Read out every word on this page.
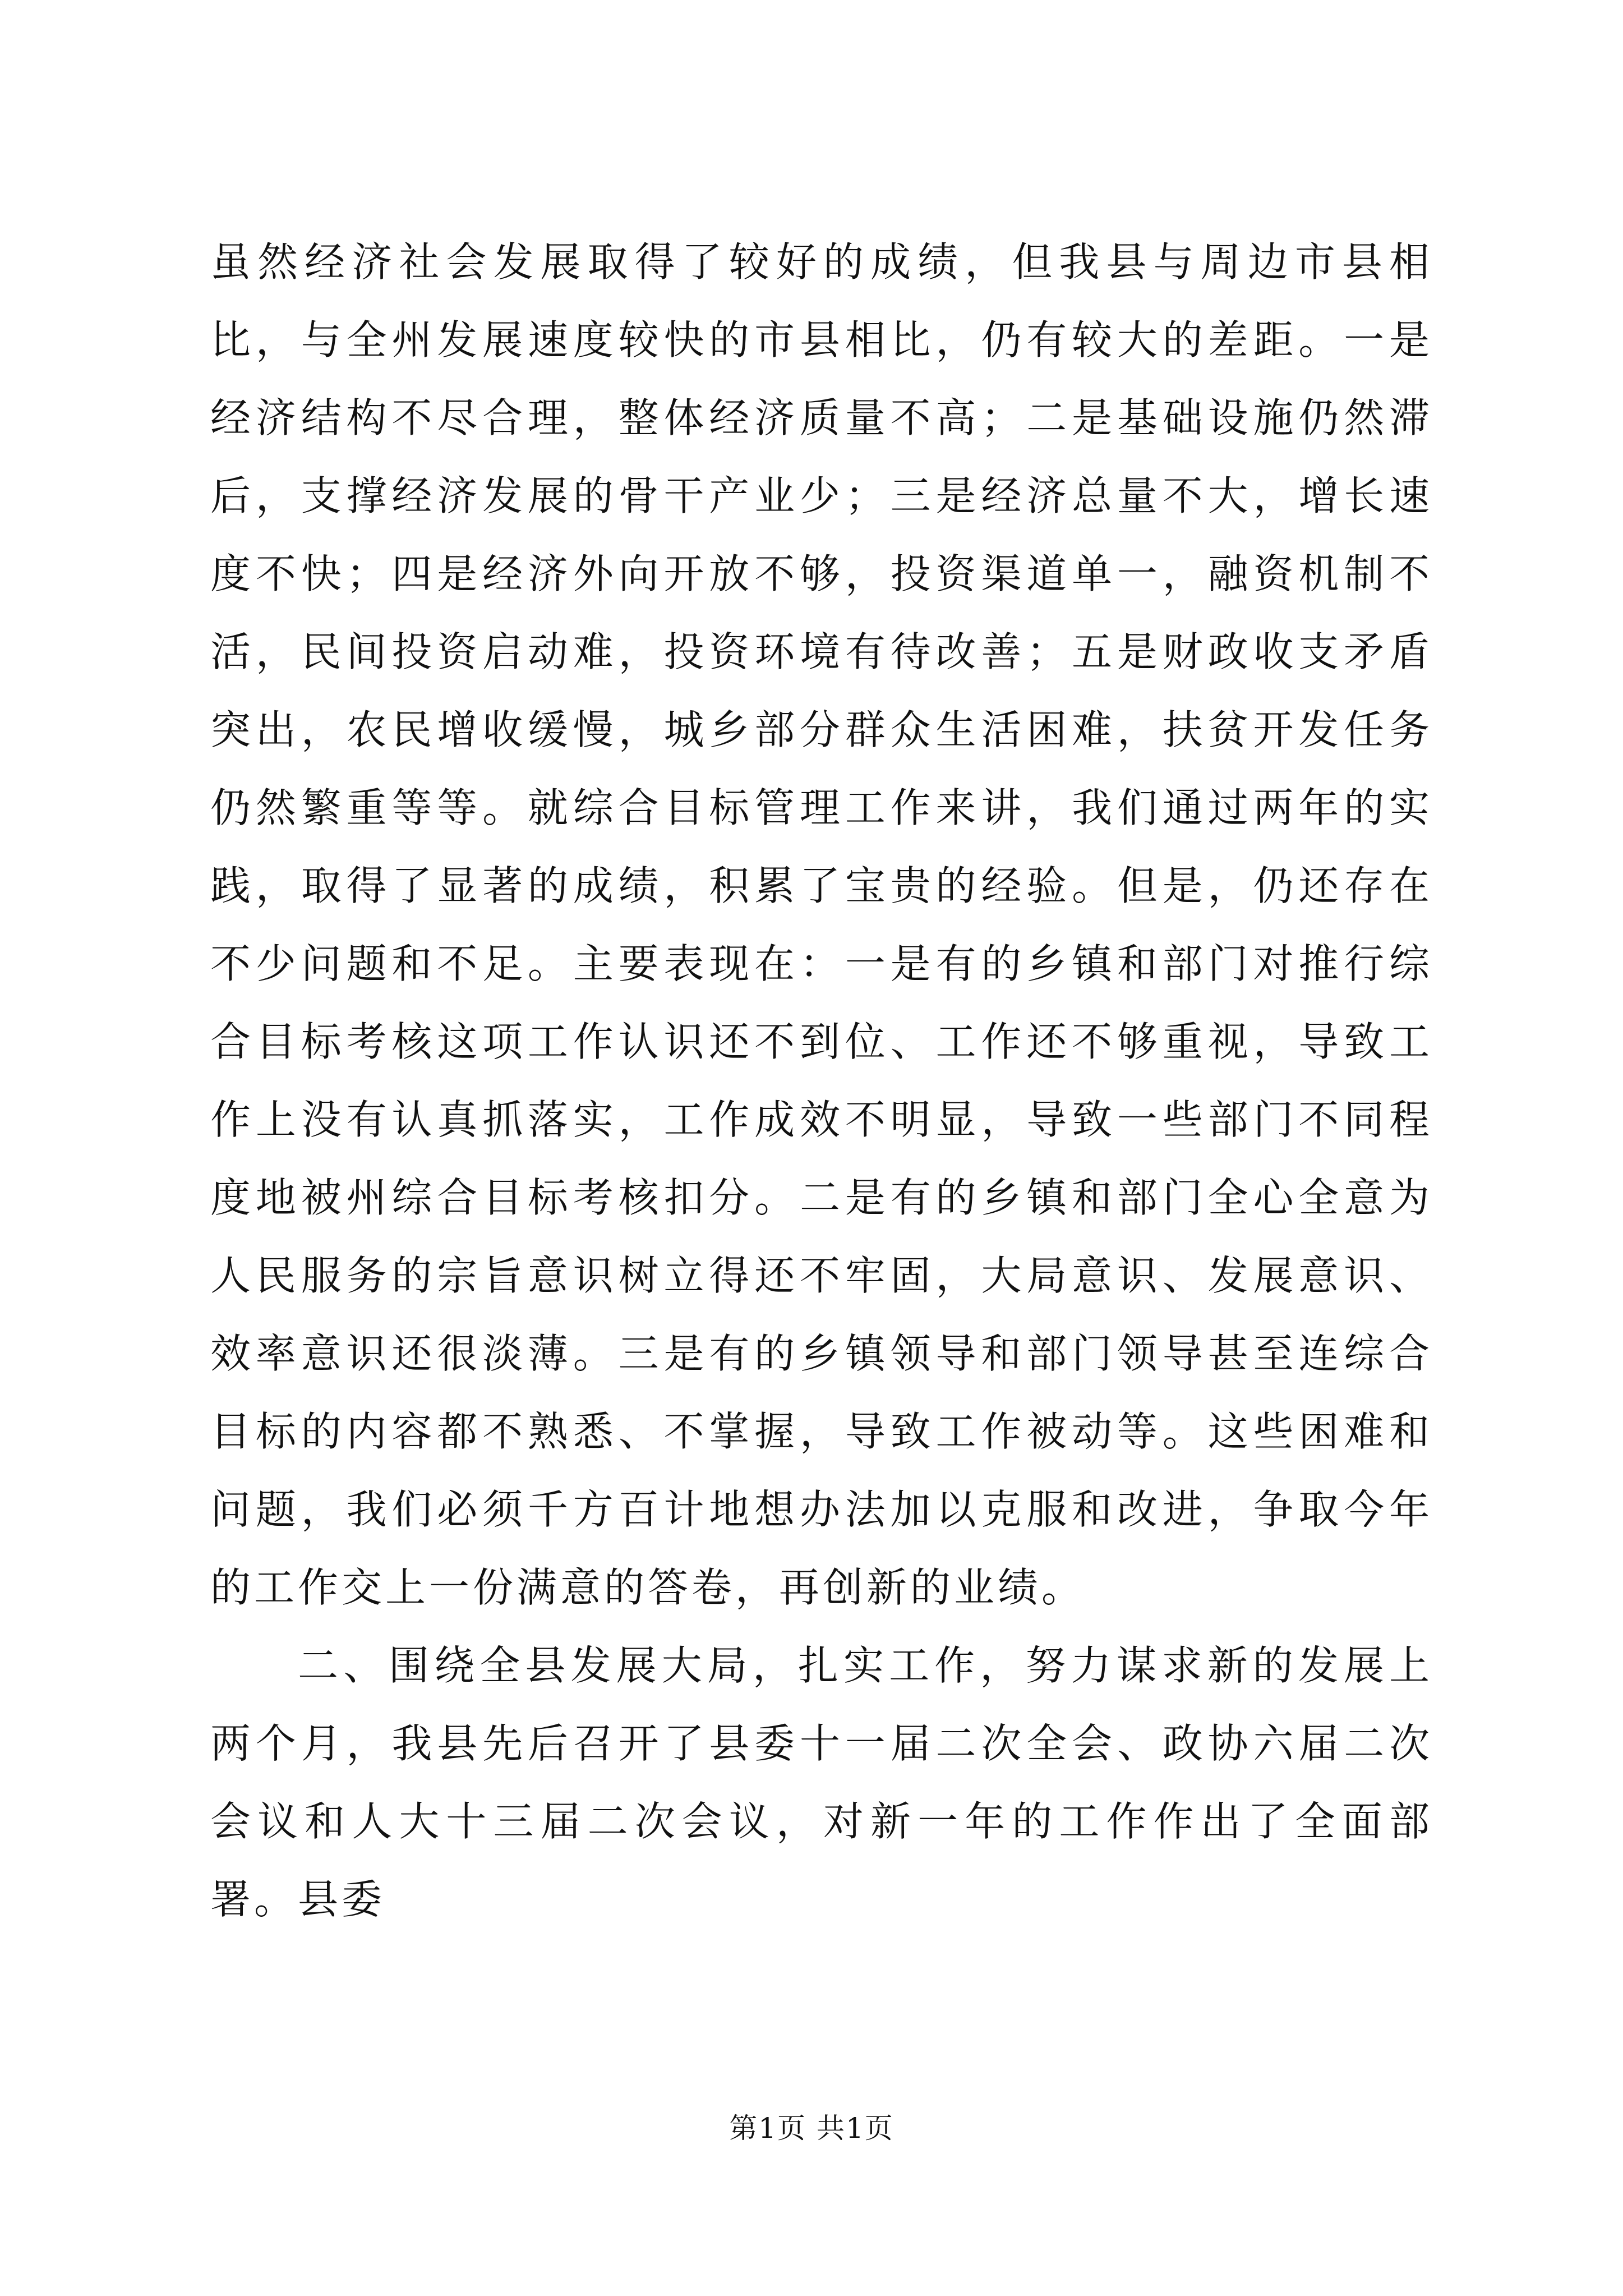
虽然经济社会发展取得了较好的成绩，但我县与周边市县相比，与全州发展速度较快的市县相比，仍有较大的差距。一是经济结构不尽合理，整体经济质量不高；二是基础设施仍然滞后，支撑经济发展的骨干产业少；三是经济总量不大，增长速度不快；四是经济外向开放不够，投资渠道单一，融资机制不活，民间投资启动难，投资环境有待改善；五是财政收支矛盾突出，农民增收缓慢，城乡部分群众生活困难，扶贫开发任务仍然繁重等等。就综合目标管理工作来讲，我们通过两年的实践，取得了显著的成绩，积累了宝贵的经验。但是，仍还存在不少问题和不足。主要表现在：一是有的乡镇和部门对推行综合目标考核这项工作认识还不到位、工作还不够重视，导致工作上没有认真抓落实，工作成效不明显，导致一些部门不同程度地被州综合目标考核扣分。二是有的乡镇和部门全心全意为人民服务的宗旨意识树立得还不牢固，大局意识、发展意识、效率意识还很淡薄。三是有的乡镇领导和部门领导甚至连综合目标的内容都不熟悉、不掌握，导致工作被动等。这些困难和问题，我们必须千方百计地想办法加以克服和改进，争取今年的工作交上一份满意的答卷，再创新的业绩。

二、围绕全县发展大局，扎实工作，努力谋求新的发展上两个月，我县先后召开了县委十一届二次全会、政协六届二次会议和人大十三届二次会议，对新一年的工作作出了全面部署。县委

第1页 共1页
